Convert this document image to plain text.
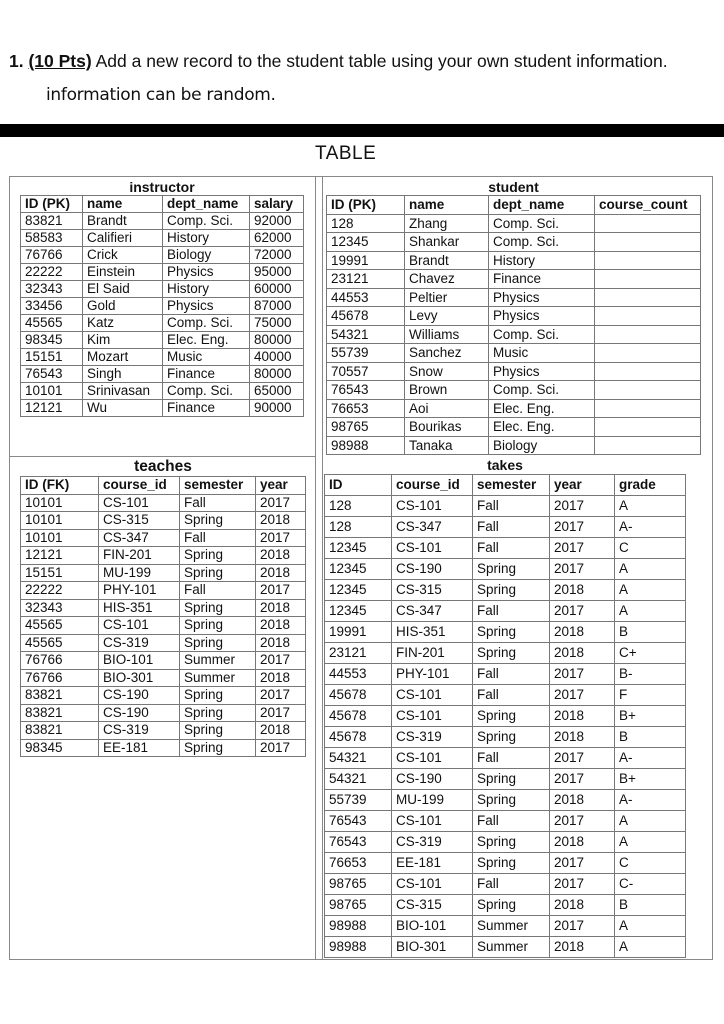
1. (10 Pts) Add a new record to the student table using your own student information.
information can be random.
TABLE
instructor
ID (PK)	name	dept_name	salary
83821	Brandt	Comp. Sci.	92000
58583	Califieri	History	62000
76766	Crick	Biology	72000
22222	Einstein	Physics	95000
32343	El Said	History	60000
33456	Gold	Physics	87000
45565	Katz	Comp. Sci.	75000
98345	Kim	Elec. Eng.	80000
15151	Mozart	Music	40000
76543	Singh	Finance	80000
10101	Srinivasan	Comp. Sci.	65000
12121	Wu	Finance	90000
student
ID (PK)	name	dept_name	course_count
128	Zhang	Comp. Sci.	
12345	Shankar	Comp. Sci.	
19991	Brandt	History	
23121	Chavez	Finance	
44553	Peltier	Physics	
45678	Levy	Physics	
54321	Williams	Comp. Sci.	
55739	Sanchez	Music	
70557	Snow	Physics	
76543	Brown	Comp. Sci.	
76653	Aoi	Elec. Eng.	
98765	Bourikas	Elec. Eng.	
98988	Tanaka	Biology	
teaches
ID (FK)	course_id	semester	year
10101	CS-101	Fall	2017
10101	CS-315	Spring	2018
10101	CS-347	Fall	2017
12121	FIN-201	Spring	2018
15151	MU-199	Spring	2018
22222	PHY-101	Fall	2017
32343	HIS-351	Spring	2018
45565	CS-101	Spring	2018
45565	CS-319	Spring	2018
76766	BIO-101	Summer	2017
76766	BIO-301	Summer	2018
83821	CS-190	Spring	2017
83821	CS-190	Spring	2017
83821	CS-319	Spring	2018
98345	EE-181	Spring	2017
takes
ID	course_id	semester	year	grade
128	CS-101	Fall	2017	A
128	CS-347	Fall	2017	A-
12345	CS-101	Fall	2017	C
12345	CS-190	Spring	2017	A
12345	CS-315	Spring	2018	A
12345	CS-347	Fall	2017	A
19991	HIS-351	Spring	2018	B
23121	FIN-201	Spring	2018	C+
44553	PHY-101	Fall	2017	B-
45678	CS-101	Fall	2017	F
45678	CS-101	Spring	2018	B+
45678	CS-319	Spring	2018	B
54321	CS-101	Fall	2017	A-
54321	CS-190	Spring	2017	B+
55739	MU-199	Spring	2018	A-
76543	CS-101	Fall	2017	A
76543	CS-319	Spring	2018	A
76653	EE-181	Spring	2017	C
98765	CS-101	Fall	2017	C-
98765	CS-315	Spring	2018	B
98988	BIO-101	Summer	2017	A
98988	BIO-301	Summer	2018	A
